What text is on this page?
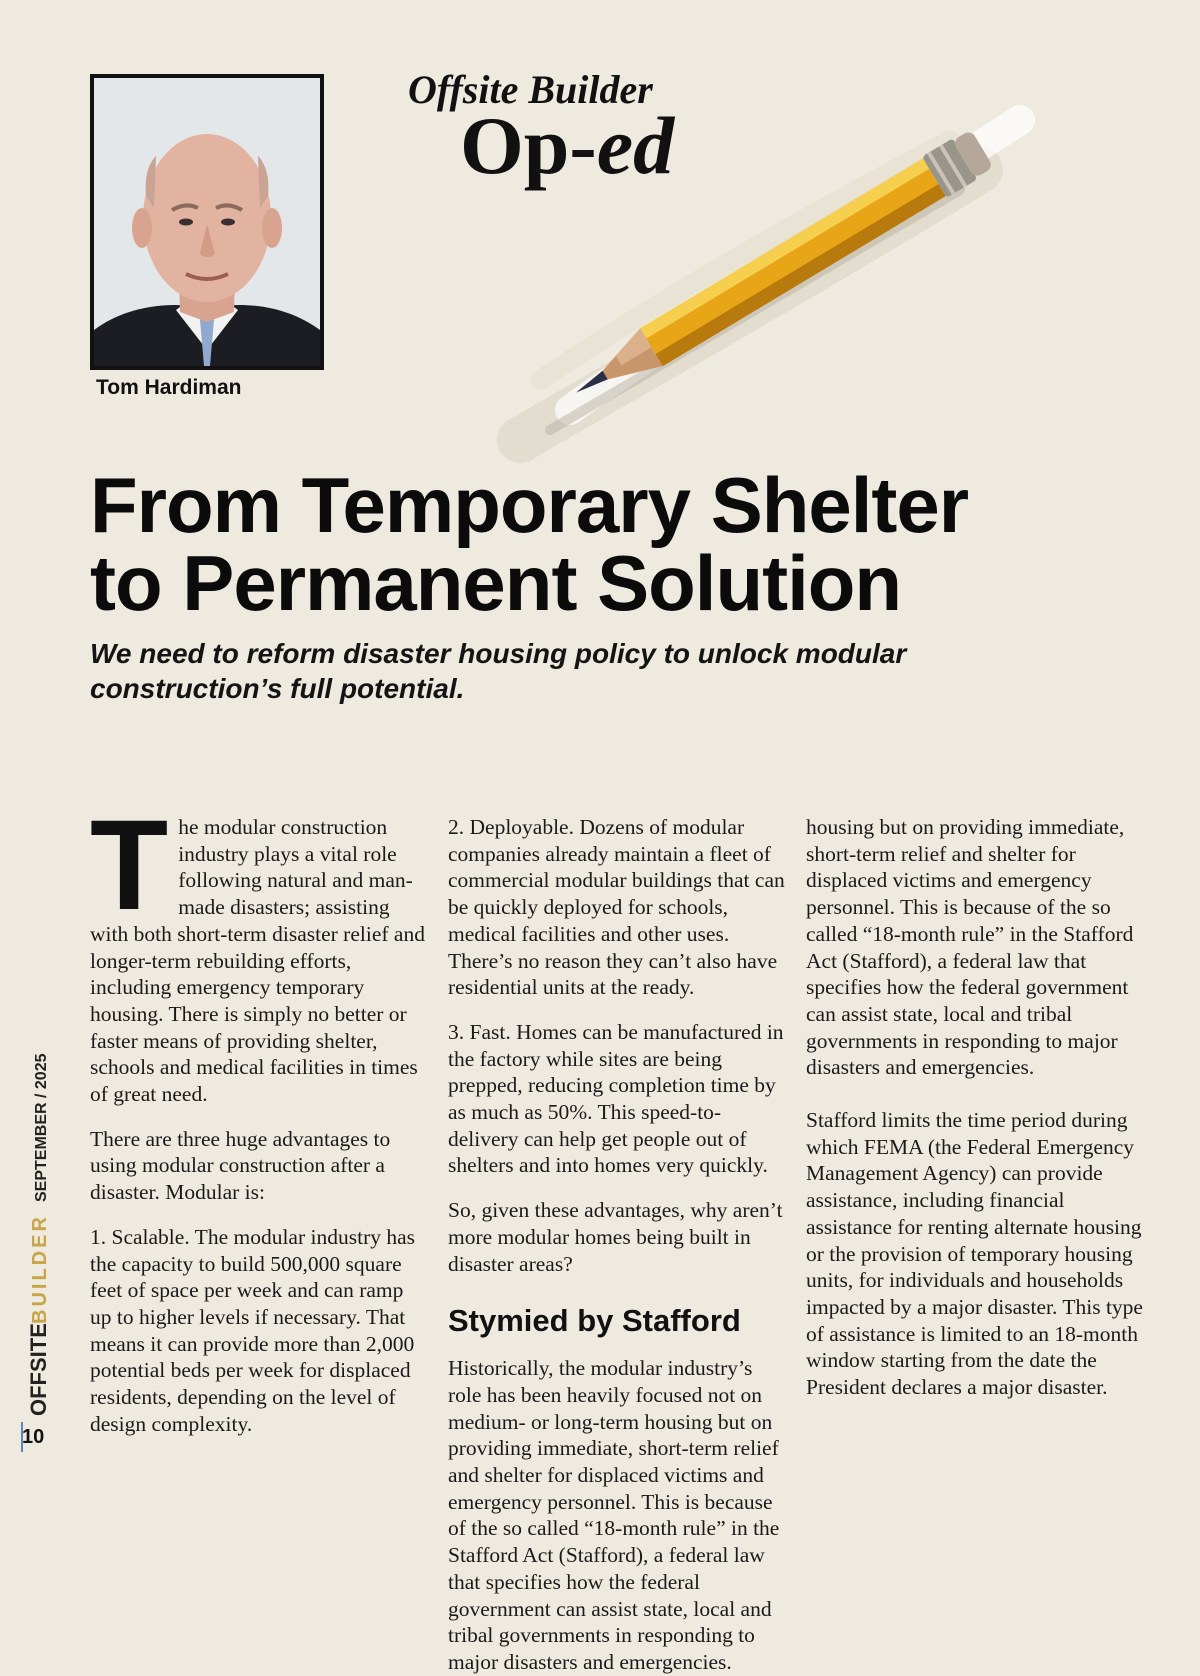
Tom Hardiman
Offsite Builder
Op-ed
From Temporary Shelter
to Permanent Solution
We need to reform disaster housing policy to unlock modular construction’s full potential.

The modular construction industry plays a vital role following natural and man-made disasters; assisting with both short-term disaster relief and longer-term rebuilding efforts, including emergency temporary housing. There is simply no better or faster means of providing shelter, schools and medical facilities in times of great need.

There are three huge advantages to using modular construction after a disaster. Modular is:

1. Scalable. The modular industry has the capacity to build 500,000 square feet of space per week and can ramp up to higher levels if necessary. That means it can provide more than 2,000 potential beds per week for displaced residents, depending on the level of design complexity.

2. Deployable. Dozens of modular companies already maintain a fleet of commercial modular buildings that can be quickly deployed for schools, medical facilities and other uses. There’s no reason they can’t also have residential units at the ready.

3. Fast. Homes can be manufactured in the factory while sites are being prepped, reducing completion time by as much as 50%. This speed-to-delivery can help get people out of shelters and into homes very quickly.

So, given these advantages, why aren’t more modular homes being built in disaster areas?

Stymied by Stafford

Historically, the modular industry’s role has been heavily focused not on medium- or long-term housing but on providing immediate, short-term relief and shelter for displaced victims and emergency personnel. This is because of the so called “18-month rule” in the Stafford Act (Stafford), a federal law that specifies how the federal government can assist state, local and tribal governments in responding to major disasters and emergencies.

housing but on providing immediate, short-term relief and shelter for displaced victims and emergency personnel. This is because of the so called “18-month rule” in the Stafford Act (Stafford), a federal law that specifies how the federal government can assist state, local and tribal governments in responding to major disasters and emergencies.

Stafford limits the time period during which FEMA (the Federal Emergency Management Agency) can provide assistance, including financial assistance for renting alternate housing or the provision of temporary housing units, for individuals and households impacted by a major disaster. This type of assistance is limited to an 18-month window starting from the date the President declares a major disaster.

OFFSITE
BUILDER
SEPTEMBER / 2025
10
